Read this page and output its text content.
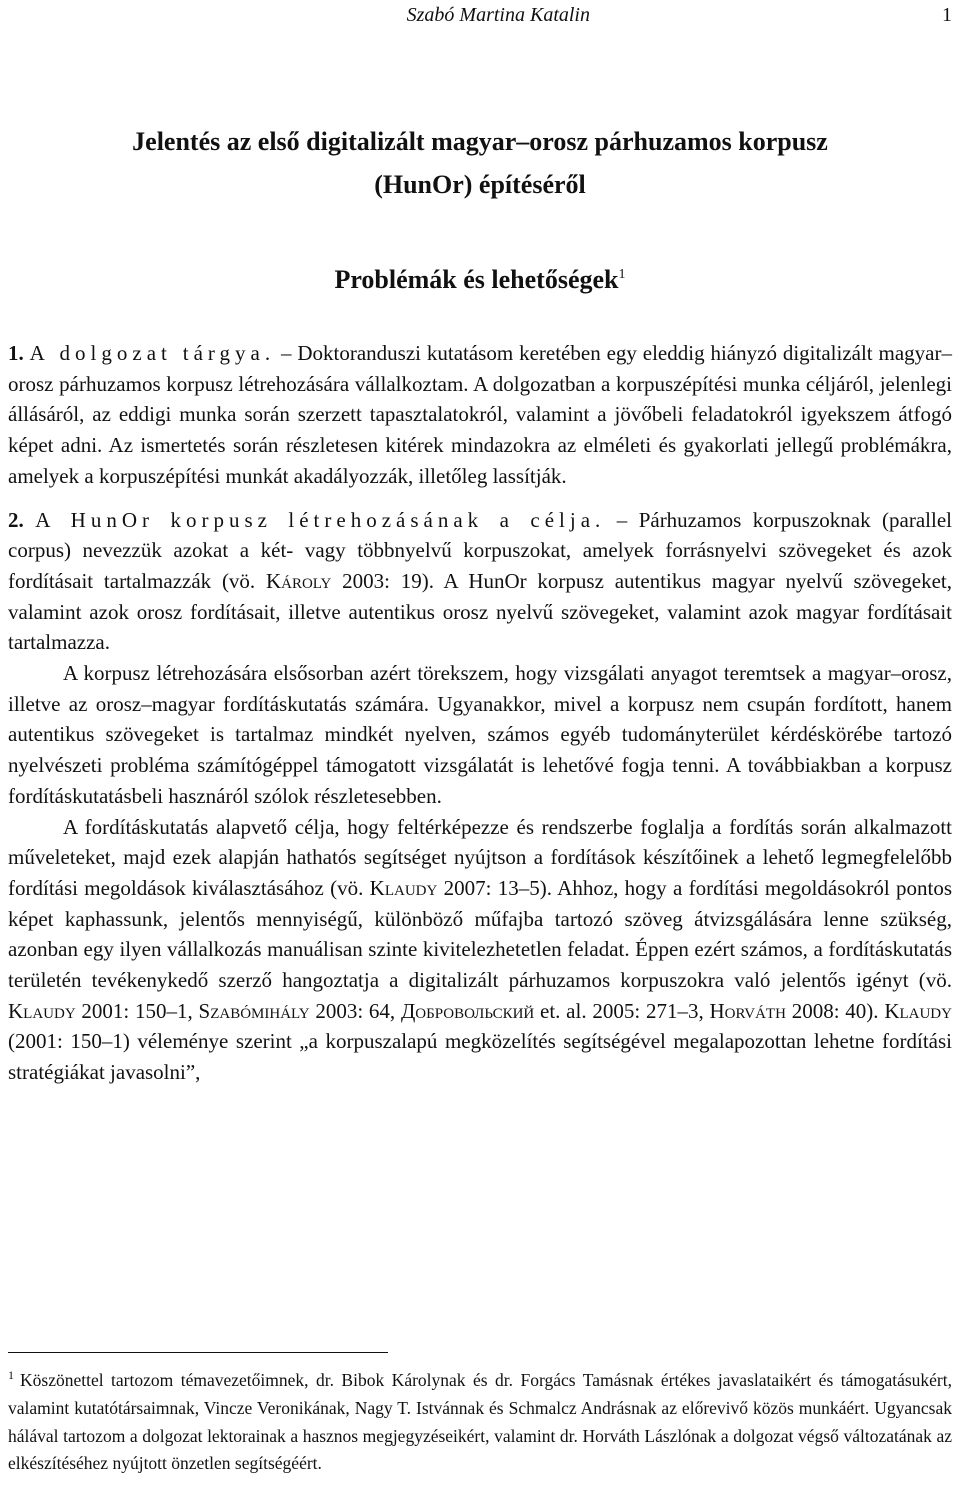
Szabó Martina Katalin	1
Jelentés az első digitalizált magyar–orosz párhuzamos korpusz
(HunOr) építéséről
Problémák és lehetőségek$^1$

1. A dolgozat tárgya. – Doktoranduszi kutatásom keretében egy eleddig hiányzó digitalizált magyar–orosz párhuzamos korpusz létrehozására vállalkoztam. A dolgozatban a korpuszépítési munka céljáról, jelenlegi állásáról, az eddigi munka során szerzett tapasztalatokról, valamint a jövőbeli feladatokról igyekszem átfogó képet adni. Az ismertetés során részletesen kitérek mindazokra az elméleti és gyakorlati jellegű problémákra, amelyek a korpuszépítési munkát akadályozzák, illetőleg lassítják.

2. A HunOr korpusz létrehozásának a célja. – Párhuzamos korpuszoknak (parallel corpus) nevezzük azokat a két- vagy többnyelvű korpuszokat, amelyek forrásnyelvi szövegeket és azok fordításait tartalmazzák (vö. Károly 2003: 19). A HunOr korpusz autentikus magyar nyelvű szövegeket, valamint azok orosz fordításait, illetve autentikus orosz nyelvű szövegeket, valamint azok magyar fordításait tartalmazza.

A korpusz létrehozására elsősorban azért törekszem, hogy vizsgálati anyagot teremtsek a magyar–orosz, illetve az orosz–magyar fordításkutatás számára. Ugyanakkor, mivel a korpusz nem csupán fordított, hanem autentikus szövegeket is tartalmaz mindkét nyelven, számos egyéb tudományterület kérdéskörébe tartozó nyelvészeti probléma számítógéppel támogatott vizsgálatát is lehetővé fogja tenni. A továbbiakban a korpusz fordításkutatásbeli hasznáról szólok részletesebben.

A fordításkutatás alapvető célja, hogy feltérképezze és rendszerbe foglalja a fordítás során alkalmazott műveleteket, majd ezek alapján hathatós segítséget nyújtson a fordítások készítőinek a lehető legmegfelelőbb fordítási megoldások kiválasztásához (vö. Klaudy 2007: 13–5). Ahhoz, hogy a fordítási megoldásokról pontos képet kaphassunk, jelentős mennyiségű, különböző műfajba tartozó szöveg átvizsgálására lenne szükség, azonban egy ilyen vállalkozás manuálisan szinte kivitelezhetetlen feladat. Éppen ezért számos, a fordításkutatás területén tevékenykedő szerző hangoztatja a digitalizált párhuzamos korpuszokra való jelentős igényt (vö. Klaudy 2001: 150–1, Szabómihály 2003: 64, Добровольский et. al. 2005: 271–3, Horváth 2008: 40). Klaudy (2001: 150–1) véleménye szerint „a korpuszalapú megközelítés segítségével megalapozottan lehetne fordítási stratégiákat javasolni”,

$^1$ Köszönettel tartozom témavezetőimnek, dr. Bibok Károlynak és dr. Forgács Tamásnak értékes javaslataikért és támogatásukért, valamint kutatótársaimnak, Vincze Veronikának, Nagy T. Istvánnak és Schmalcz Andrásnak az előrevivő közös munkáért. Ugyancsak hálával tartozom a dolgozat lektorainak a hasznos megjegyzéseikért, valamint dr. Horváth Lászlónak a dolgozat végső változatának az elkészítéséhez nyújtott önzetlen segítségéért.
